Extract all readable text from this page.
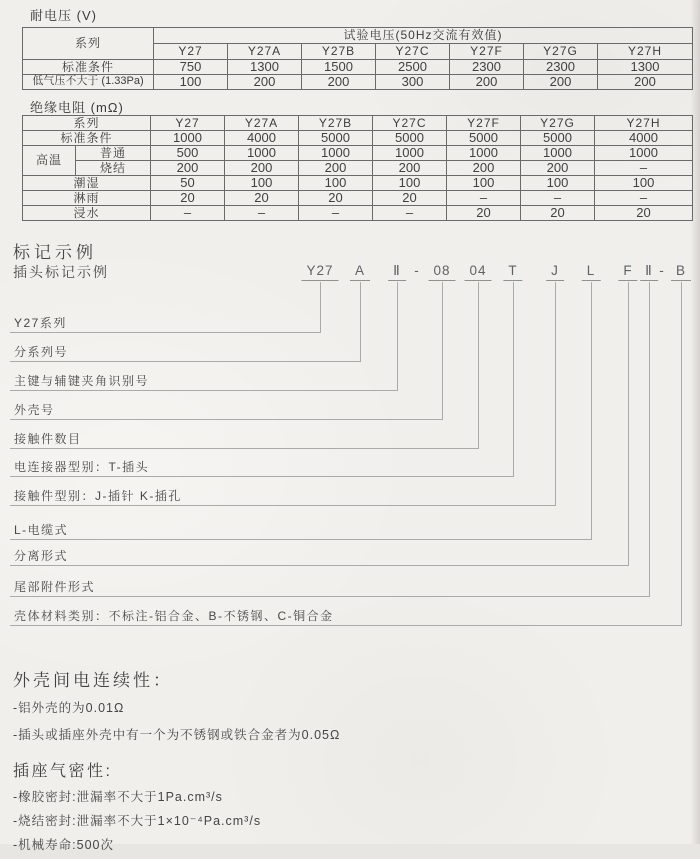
耐电压 (V)
系列	试验电压(50Hz交流有效值)						
	Y27	Y27A	Y27B	Y27C	Y27F	Y27G	Y27H
标准条件	750	1300	1500	2500	2300	2300	1300
低气压不大于 (1.33Pa)	100	200	200	300	200	200	200
绝缘电阻 (mΩ)
系列		Y27	Y27A	Y27B	Y27C	Y27F	Y27G	Y27H
标准条件		1000	4000	5000	5000	5000	5000	4000
高温	普通	500	1000	1000	1000	1000	1000	1000
	烧结	200	200	200	200	200	200	–
潮湿		50	100	100	100	100	100	100
淋雨		20	20	20	20	–	–	–
浸水		–	–	–	–	20	20	20
标记示例
插头标记示例	Y27
Y27系列
A
分系列号
Ⅱ
主键与辅键夹角识别号
-	08
外壳号
04
接触件数目
T
电连接器型别：T-插头
J
接触件型别：J-插针 K-插孔
L
L-电缆式
F
分离形式
Ⅱ
尾部附件形式
- B
壳体材料类别：不标注-铝合金、B-不锈钢、C-铜合金
外壳间电连续性：
-铝外壳的为0.01Ω
-插头或插座外壳中有一个为不锈钢或铁合金者为0.05Ω
插座气密性:
-橡胶密封:泄漏率不大于1Pa.cm³/s
-烧结密封:泄漏率不大于1×10⁻⁴Pa.cm³/s
-机械寿命:500次
